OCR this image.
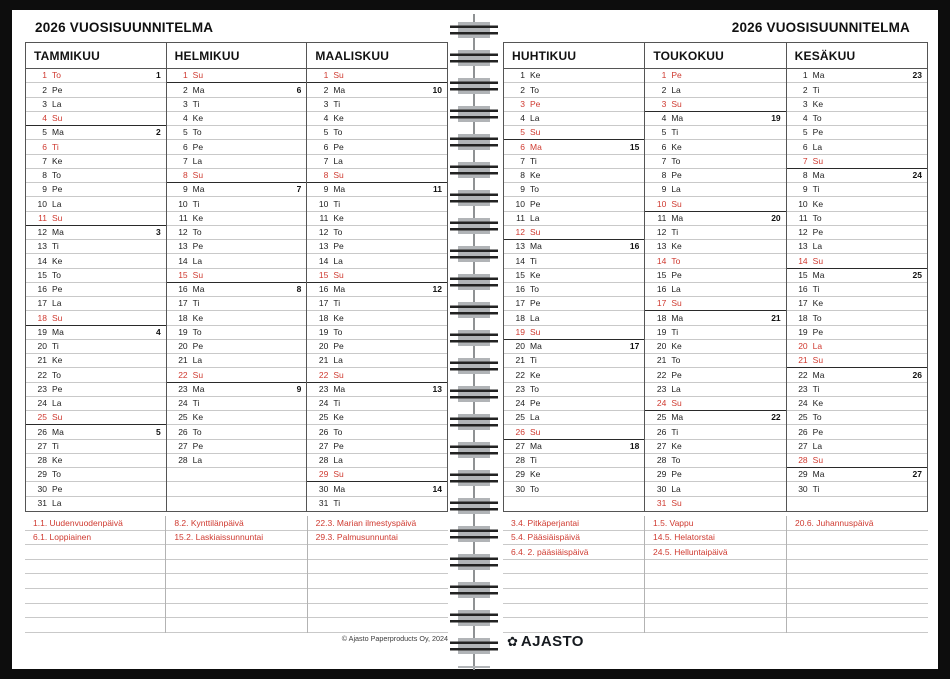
2026 VUOSISUUNNITELMA
TAMMIKUU
1 To	1
2 Pe
3 La
4 Su
5 Ma	2
6 Ti
7 Ke
8 To
9 Pe
10 La
11 Su
12 Ma	3
13 Ti
14 Ke
15 To
16 Pe
17 La
18 Su
19 Ma	4
20 Ti
21 Ke
22 To
23 Pe
24 La
25 Su
26 Ma	5
27 Ti
28 Ke
29 To
30 Pe
31 La
HELMIKUU
1 Su
2 Ma	6
3 Ti
4 Ke
5 To
6 Pe
7 La
8 Su
9 Ma	7
10 Ti
11 Ke
12 To
13 Pe
14 La
15 Su
16 Ma	8
17 Ti
18 Ke
19 To
20 Pe
21 La
22 Su
23 Ma	9
24 Ti
25 Ke
26 To
27 Pe
28 La
MAALISKUU
1 Su
2 Ma	10
3 Ti
4 Ke
5 To
6 Pe
7 La
8 Su
9 Ma	11
10 Ti
11 Ke
12 To
13 Pe
14 La
15 Su
16 Ma	12
17 Ti
18 Ke
19 To
20 Pe
21 La
22 Su
23 Ma	13
24 Ti
25 Ke
26 To
27 Pe
28 La
29 Su
30 Ma	14
31 Ti
1.1. Uudenvuodenpäivä
6.1. Loppiainen
8.2. Kynttilänpäivä
15.2. Laskiaissunnuntai
22.3. Marian ilmestyspäivä
29.3. Palmusunnuntai
© Ajasto Paperproducts Oy, 2024
2026 VUOSISUUNNITELMA
HUHTIKUU
1 Ke
2 To
3 Pe
4 La
5 Su
6 Ma	15
7 Ti
8 Ke
9 To
10 Pe
11 La
12 Su
13 Ma	16
14 Ti
15 Ke
16 To
17 Pe
18 La
19 Su
20 Ma	17
21 Ti
22 Ke
23 To
24 Pe
25 La
26 Su
27 Ma	18
28 Ti
29 Ke
30 To
TOUKOKUU
1 Pe
2 La
3 Su
4 Ma	19
5 Ti
6 Ke
7 To
8 Pe
9 La
10 Su
11 Ma	20
12 Ti
13 Ke
14 To
15 Pe
16 La
17 Su
18 Ma	21
19 Ti
20 Ke
21 To
22 Pe
23 La
24 Su
25 Ma	22
26 Ti
27 Ke
28 To
29 Pe
30 La
31 Su
KESÄKUU
1 Ma	23
2 Ti
3 Ke
4 To
5 Pe
6 La
7 Su
8 Ma	24
9 Ti
10 Ke
11 To
12 Pe
13 La
14 Su
15 Ma	25
16 Ti
17 Ke
18 To
19 Pe
20 La
21 Su
22 Ma	26
23 Ti
24 Ke
25 To
26 Pe
27 La
28 Su
29 Ma	27
30 Ti
3.4. Pitkäperjantai
5.4. Pääsiäispäivä
6.4. 2. pääsiäispäivä
1.5. Vappu
14.5. Helatorstai
24.5. Helluntaipäivä
20.6. Juhannuspäivä
✿ AJASTO
